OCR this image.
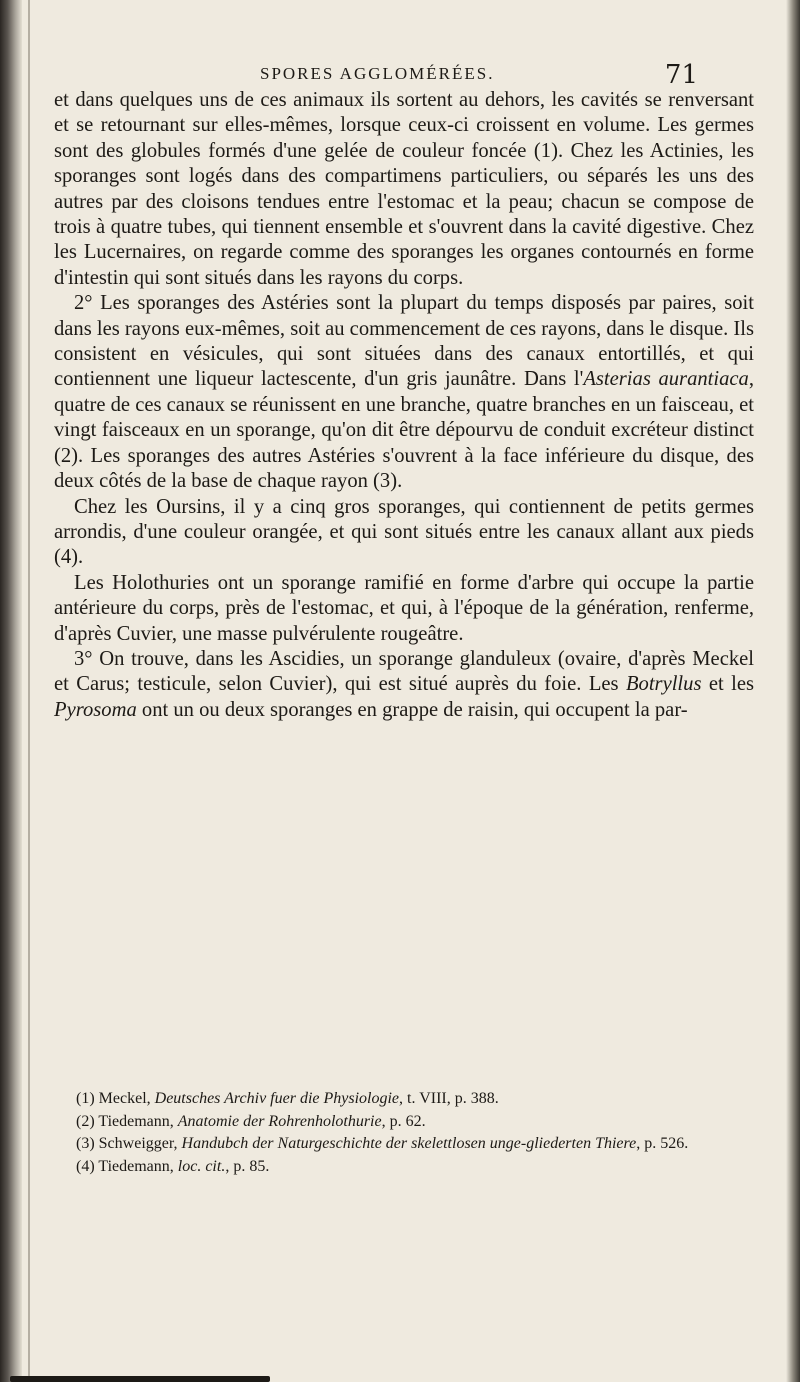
SPORES AGGLOMÉRÉES.	71

et dans quelques uns de ces animaux ils sortent au dehors, les cavités se renversant et se retournant sur elles-mêmes, lorsque ceux-ci croissent en volume. Les germes sont des globules formés d'une gelée de couleur foncée (1). Chez les Actinies, les sporanges sont logés dans des compartimens particuliers, ou séparés les uns des autres par des cloisons tendues entre l'estomac et la peau; chacun se compose de trois à quatre tubes, qui tiennent ensemble et s'ouvrent dans la cavité digestive. Chez les Lucernaires, on regarde comme des sporanges les organes contournés en forme d'intestin qui sont situés dans les rayons du corps.

2° Les sporanges des Astéries sont la plupart du temps disposés par paires, soit dans les rayons eux-mêmes, soit au commencement de ces rayons, dans le disque. Ils consistent en vésicules, qui sont situées dans des canaux entortillés, et qui contiennent une liqueur lactescente, d'un gris jaunâtre. Dans l'Asterias aurantiaca, quatre de ces canaux se réunissent en une branche, quatre branches en un faisceau, et vingt faisceaux en un sporange, qu'on dit être dépourvu de conduit excréteur distinct (2). Les sporanges des autres Astéries s'ouvrent à la face inférieure du disque, des deux côtés de la base de chaque rayon (3).

Chez les Oursins, il y a cinq gros sporanges, qui contiennent de petits germes arrondis, d'une couleur orangée, et qui sont situés entre les canaux allant aux pieds (4).

Les Holothuries ont un sporange ramifié en forme d'arbre qui occupe la partie antérieure du corps, près de l'estomac, et qui, à l'époque de la génération, renferme, d'après Cuvier, une masse pulvérulente rougeâtre.

3° On trouve, dans les Ascidies, un sporange glanduleux (ovaire, d'après Meckel et Carus; testicule, selon Cuvier), qui est situé auprès du foie. Les Botryllus et les Pyrosoma ont un ou deux sporanges en grappe de raisin, qui occupent la par-

(1) Meckel, Deutsches Archiv fuer die Physiologie, t. VIII, p. 388.

(2) Tiedemann, Anatomie der Rohrenholothurie, p. 62.

(3) Schweigger, Handubch der Naturgeschichte der skelettlosen unge-gliederten Thiere, p. 526.

(4) Tiedemann, loc. cit., p. 85.
